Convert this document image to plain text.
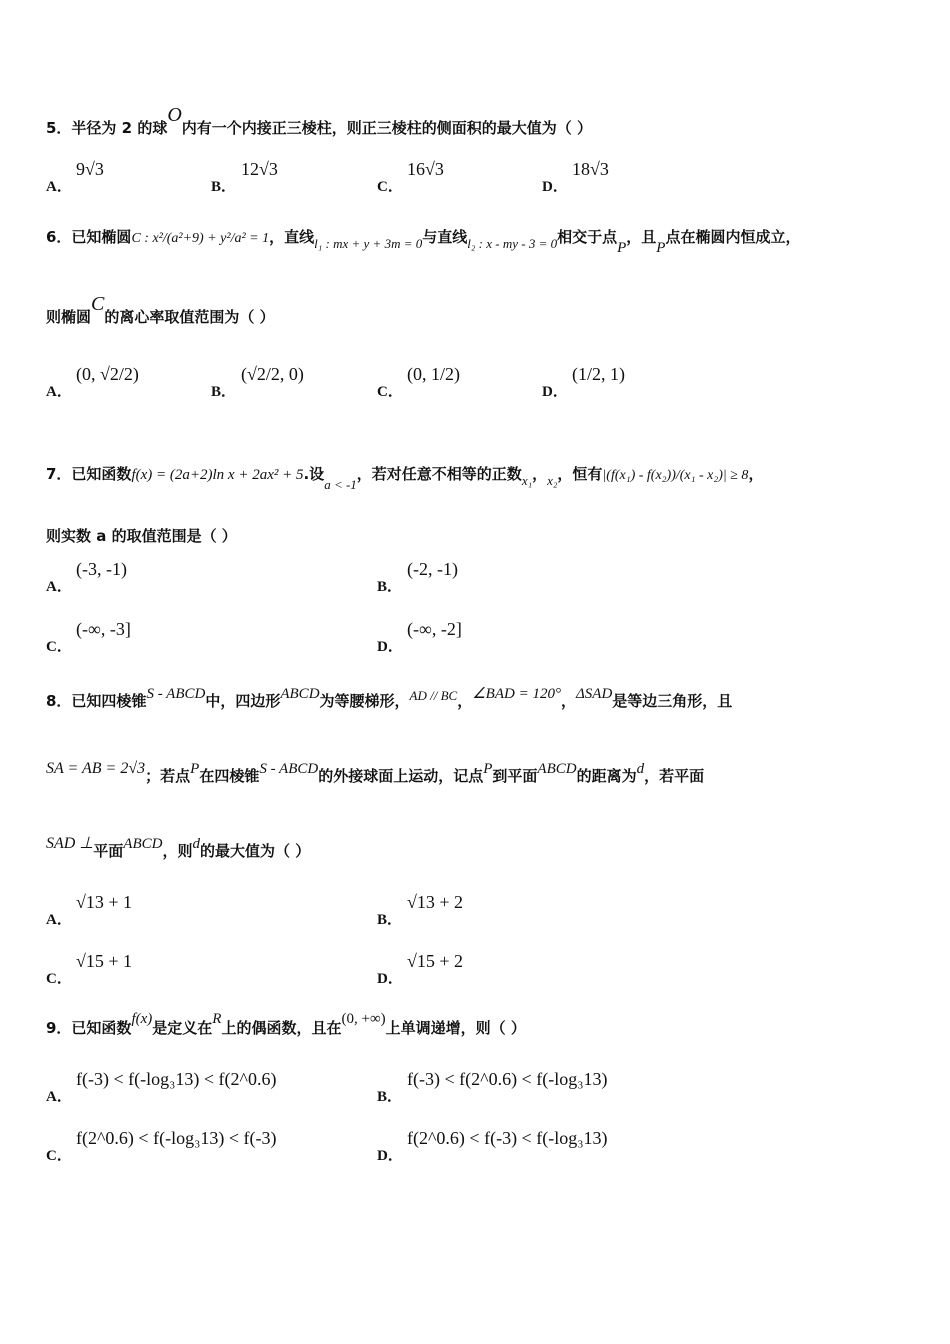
5．半径为 2 的球O内有一个内接正三棱柱，则正三棱柱的侧面积的最大值为（ ）
A．
9√3
B．
12√3
C．
16√3
D．
18√3
6．已知椭圆C : x²/(a²+9) + y²/a² = 1，直线l₁ : mx + y + 3m = 0与直线l₂ : x - my - 3 = 0相交于点P，且P点在椭圆内恒成立，
则椭圆C的离心率取值范围为（ ）
A．
(0, √2/2)
B．
(√2/2, 0)
C．
(0, 1/2)
D．
(1/2, 1)
7．已知函数f(x) = (2a+2)ln x + 2ax² + 5.设a < -1，若对任意不相等的正数x₁，x₂，恒有|(f(x₁) - f(x₂))/(x₁ - x₂)| ≥ 8，
则实数 a 的取值范围是（ ）
A．
(-3, -1)
B．
(-2, -1)
C．
(-∞, -3]
D．
(-∞, -2]
8．已知四棱锥S - ABCD中，四边形ABCD为等腰梯形，AD // BC，∠BAD = 120°，ΔSAD是等边三角形，且
SA = AB = 2√3；若点P在四棱锥S - ABCD的外接球面上运动，记点P到平面ABCD的距离为d，若平面
SAD ⊥平面ABCD，则d的最大值为（ ）
A．
√13 + 1
B．
√13 + 2
C．
√15 + 1
D．
√15 + 2
9．已知函数f(x)是定义在R上的偶函数，且在(0, +∞)上单调递增，则（ ）
A．
f(-3) < f(-log₃13) < f(2^0.6)
B．
f(-3) < f(2^0.6) < f(-log₃13)
C．
f(2^0.6) < f(-log₃13) < f(-3)
D．
f(2^0.6) < f(-3) < f(-log₃13)
